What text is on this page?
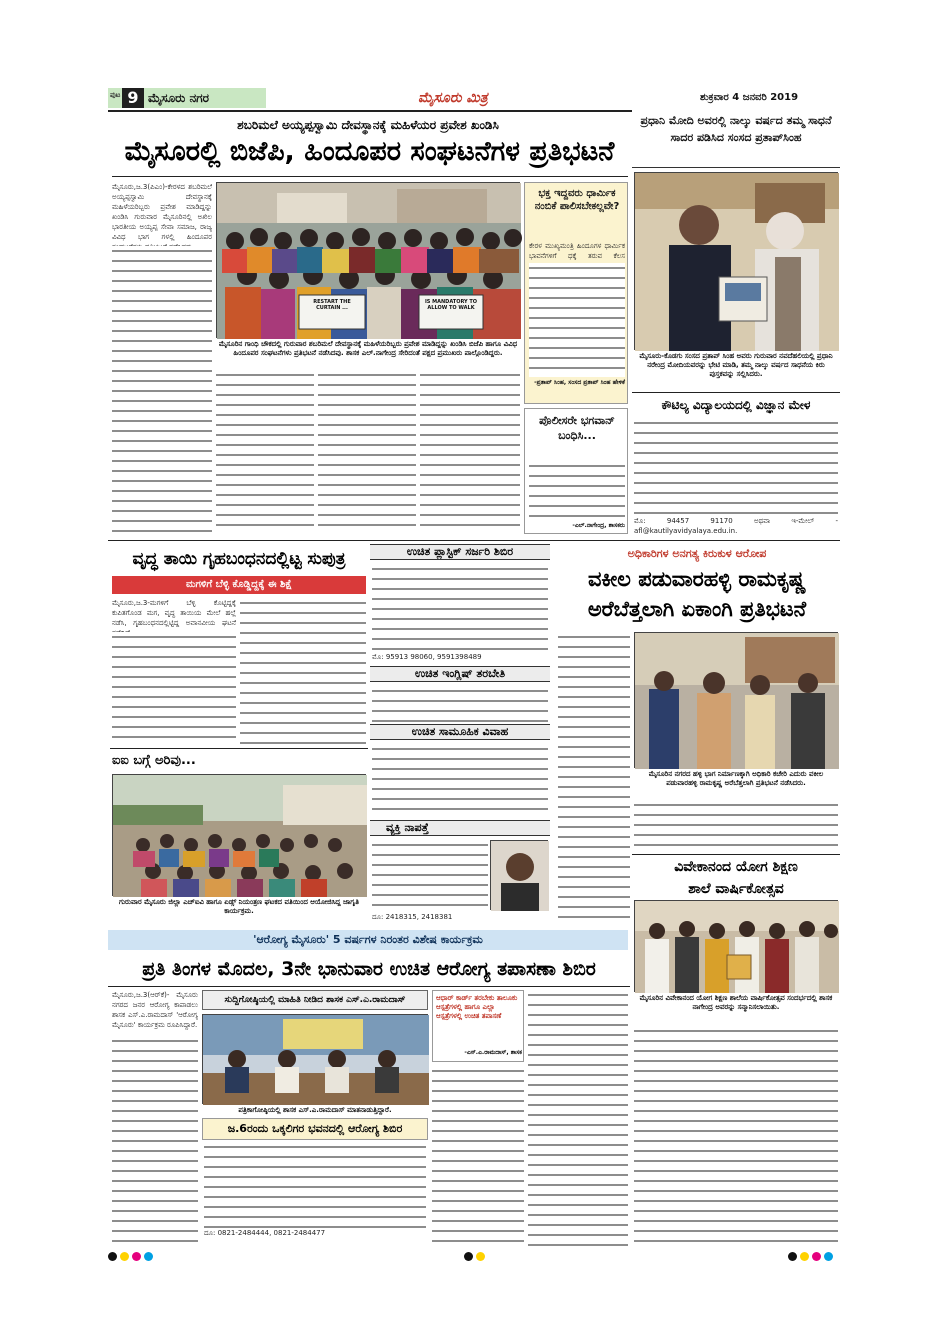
ಪುಟ 9 ಮೈಸೂರು ನಗರ	ಮೈಸೂರು ಮಿತ್ರ	ಶುಕ್ರವಾರ 4 ಜನವರಿ 2019
ಶಬರಿಮಲೆ ಅಯ್ಯಪ್ಪಸ್ವಾಮಿ ದೇವಸ್ಥಾನಕ್ಕೆ ಮಹಿಳೆಯರ ಪ್ರವೇಶ ಖಂಡಿಸಿ
ಮೈಸೂರಲ್ಲಿ ಬಿಜೆಪಿ, ಹಿಂದೂಪರ ಸಂಘಟನೆಗಳ ಪ್ರತಿಭಟನೆ
ಮೈಸೂರು,ಜ.3(ಪಿಎಂ)-ಕೇರಳದ ಶಬರಿಮಲೆ ಅಯ್ಯಪ್ಪಸ್ವಾಮಿ ದೇವಸ್ಥಾನಕ್ಕೆ ಮಹಿಳೆಯರಿಬ್ಬರು ಪ್ರವೇಶ ಮಾಡಿದ್ದನ್ನು ಖಂಡಿಸಿ ಗುರುವಾರ ಮೈಸೂರಿನಲ್ಲಿ ಅಖಿಲ ಭಾರತೀಯ ಅಯ್ಯಪ್ಪ ಸೇವಾ ಸಮಾಜ, ರಾಜ್ಯ ವಿವಿಧ ಭಾಗ ಗಳಲ್ಲಿ ಹಿಂದೂಪರ
RESTART THE CURTAIN ...
IS MANDATORY TO ALLOW TO WALK
ಮೈಸೂರಿನ ಗಾಂಧಿ ಚೌಕದಲ್ಲಿ ಗುರುವಾರ ಶಬರಿಮಲೆ ದೇವಸ್ಥಾನಕ್ಕೆ ಮಹಿಳೆಯರಿಬ್ಬರು ಪ್ರವೇಶ ಮಾಡಿದ್ದನ್ನು ಖಂಡಿಸಿ ಬಿಜೆಪಿ ಹಾಗೂ ವಿವಿಧ ಹಿಂದೂಪರ ಸಂಘಟನೆಗಳು ಪ್ರತಿಭಟನೆ ನಡೆಸಿದವು. ಶಾಸಕ ಎಲ್.ನಾಗೇಂದ್ರ ಸೇರಿದಂತೆ ಪಕ್ಷದ ಪ್ರಮುಖರು ಪಾಲ್ಗೊಂಡಿದ್ದರು.
ಭಕ್ತ ಇದ್ದವರು ಧಾರ್ಮಿಕ ನಂಬಿಕೆ ಪಾಲಿಸಬೇಕಲ್ಲವೇ?
ಕೇರಳ ಮುಖ್ಯಮಂತ್ರಿ ಹಿಂದೂಗಳ ಧಾರ್ಮಿಕ ಭಾವನೆಗಳಿಗೆ ಧಕ್ಕೆ ತರುವ ಕೆಲಸ
-ಪ್ರತಾಪ್ ಸಿಂಹ, ಸಂಸದ ಪ್ರತಾಪ್ ಸಿಂಹ ಹೇಳಿಕೆ
ಪೊಲೀಸರೇ ಭಗವಾನ್ ಬಂಧಿಸಿ...
-ಎಲ್.ನಾಗೇಂದ್ರ, ಶಾಸಕರು
ಪ್ರಧಾನಿ ಮೋದಿ ಅವರಲ್ಲಿ ನಾಲ್ಕು ವರ್ಷದ ತಮ್ಮ ಸಾಧನೆ ಸಾದರ ಪಡಿಸಿದ ಸಂಸದ ಪ್ರತಾಪ್‌ಸಿಂಹ
ಮೈಸೂರು-ಕೊಡಗು ಸಂಸದ ಪ್ರತಾಪ್ ಸಿಂಹ ಅವರು ಗುರುವಾರ ನವದೆಹಲಿಯಲ್ಲಿ ಪ್ರಧಾನಿ ನರೇಂದ್ರ ಮೋದಿಯವರನ್ನು ಭೇಟಿ ಮಾಡಿ, ತಮ್ಮ ನಾಲ್ಕು ವರ್ಷದ ಸಾಧನೆಯ ಕಿರು ಪುಸ್ತಕವನ್ನು ಸಲ್ಲಿಸಿದರು.
ಕೌಟಿಲ್ಯ ವಿದ್ಯಾಲಯದಲ್ಲಿ ವಿಜ್ಞಾನ ಮೇಳ
ಮೊ: 94457 91170 ಅಥವಾ ಇ-ಮೇಲ್ - afl@kautilyavidyalaya.edu.in.
ವೃದ್ಧ ತಾಯಿ ಗೃಹಬಂಧನದಲ್ಲಿಟ್ಟ ಸುಪುತ್ರ
ಮಗಳಿಗೆ ಬೆಳ್ಳಿ ಕೊಡ್ಡಿದ್ದಕ್ಕೆ ಈ ಶಿಕ್ಷೆ
ಮೈಸೂರು,ಜ.3-ಮಗಳಿಗೆ ಬೆಳ್ಳಿ ಕೊಟ್ಟಿದ್ದಕ್ಕೆ ಕುಪಿತಗೊಂಡ ಮಗ, ವೃದ್ಧ ತಾಯಿಯ ಮೇಲೆ ಹಲ್ಲೆ ನಡೆಸಿ, ಗೃಹಬಂಧನದಲ್ಲಿಟ್ಟಿದ್ದ ಅವಾನವೀಯ ಘಟನೆ
ಐಐ ಬಗ್ಗೆ ಅರಿವು...
ಗುರುವಾರ ಮೈಸೂರು ಜಿಲ್ಲಾ ಎಚ್ಐವಿ ಹಾಗೂ ಏಡ್ಸ್ ನಿಯಂತ್ರಣ ಘಟಕದ ವತಿಯಿಂದ ಆಯೋಜಿಸಿದ್ದ ಜಾಗೃತಿ ಕಾರ್ಯಕ್ರಮ.
ಉಚಿತ ಪ್ಲಾಸ್ಟಿಕ್ ಸರ್ಜರಿ ಶಿಬಿರ
ಮೊ: 95913 98060, 9591398489
ಉಚಿತ ಇಂಗ್ಲಿಷ್ ತರಬೇತಿ
ಉಚಿತ ಸಾಮೂಹಿಕ ವಿವಾಹ
ವ್ಯಕ್ತಿ ನಾಪತ್ತೆ
ದೂ: 2418315, 2418381
ಅಧಿಕಾರಿಗಳ ಅನಗತ್ಯ ಕಿರುಕುಳ ಆರೋಪ
ವಕೀಲ ಪಡುವಾರಹಳ್ಳಿ ರಾಮಕೃಷ್ಣ
ಅರೆಬೆತ್ತಲಾಗಿ ಏಕಾಂಗಿ ಪ್ರತಿಭಟನೆ
ಮೈಸೂರಿನ ನಗರದ ಹಳ್ಳಿ ಭಾಗ ನಿರ್ಮಾಣಕ್ಕಾಗಿ ಅಧಿಕಾರಿ ಕಚೇರಿ ಎದುರು ವಕೀಲ ಪಡುವಾರಹಳ್ಳಿ ರಾಮಕೃಷ್ಣ ಅರೆಬೆತ್ತಲಾಗಿ ಪ್ರತಿಭಟನೆ ನಡೆಸಿದರು.
ವಿವೇಕಾನಂದ ಯೋಗ ಶಿಕ್ಷಣ
ಶಾಲೆ ವಾರ್ಷಿಕೋತ್ಸವ
ಮೈಸೂರಿನ ವಿವೇಕಾನಂದ ಯೋಗ ಶಿಕ್ಷಣ ಶಾಲೆಯ ವಾರ್ಷಿಕೋತ್ಸವ ಸಂದರ್ಭದಲ್ಲಿ ಶಾಸಕ ನಾಗೇಂದ್ರ ಅವರನ್ನು ಸನ್ಮಾನಿಸಲಾಯಿತು.
'ಆರೋಗ್ಯ ಮೈಸೂರು' 5 ವರ್ಷಗಳ ನಿರಂತರ ವಿಶೇಷ ಕಾರ್ಯಕ್ರಮ
ಪ್ರತಿ ತಿಂಗಳ ಮೊದಲ, 3ನೇ ಭಾನುವಾರ ಉಚಿತ ಆರೋಗ್ಯ ತಪಾಸಣಾ ಶಿಬಿರ
ಮೈಸೂರು,ಜ.3(ಆರ್‌ಕೆ)- ಮೈಸೂರು ನಗರದ ಜನರ ಆರೋಗ್ಯ ಕಾಪಾಡಲು ಶಾಸಕ ಎಸ್.ಎ.ರಾಮದಾಸ್ 'ಆರೋಗ್ಯ ಮೈಸೂರು' ಕಾರ್ಯಕ್ರಮ ರೂಪಿಸಿದ್ದಾರೆ.
ಸುದ್ದಿಗೋಷ್ಠಿಯಲ್ಲಿ ಮಾಹಿತಿ ನೀಡಿದ ಶಾಸಕ ಎಸ್.ಎ.ರಾಮದಾಸ್
ಪತ್ರಿಕಾಗೋಷ್ಠಿಯಲ್ಲಿ ಶಾಸಕ ಎಸ್.ಎ.ರಾಮದಾಸ್ ಮಾತನಾಡುತ್ತಿದ್ದಾರೆ.
ಜ.6ರಂದು ಒಕ್ಕಲಿಗರ ಭವನದಲ್ಲಿ ಆರೋಗ್ಯ ಶಿಬಿರ
ದೂ: 0821-2484444, 0821-2484477
ಆಧಾರ್ ಕಾರ್ಡ್ ತರಬೇಕು ತಾಲೂಕು ಆಸ್ಪತ್ರೆಗಳಲ್ಲಿ ಹಾಗೂ ಎಲ್ಲಾ ಆಸ್ಪತ್ರೆಗಳಲ್ಲಿ ಉಚಿತ ತಪಾಸಣೆ
-ಎಸ್.ಎ.ರಾಮದಾಸ್, ಶಾಸಕ
